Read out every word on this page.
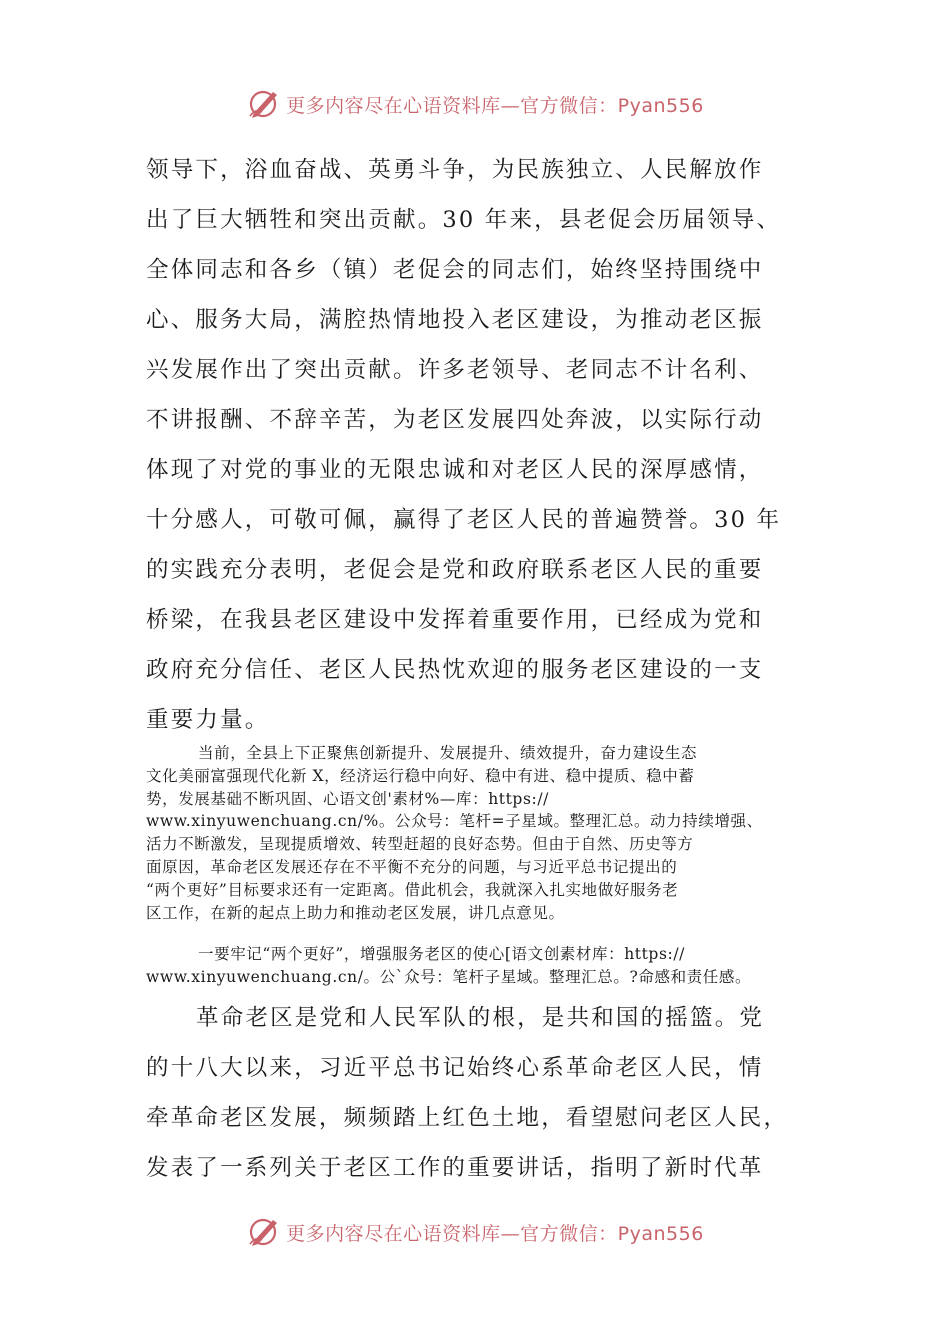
更多内容尽在心语资料库—官方微信：Pyan556
领导下，浴血奋战、英勇斗争，为民族独立、人民解放作
出了巨大牺牲和突出贡献。30 年来，县老促会历届领导、
全体同志和各乡（镇）老促会的同志们，始终坚持围绕中
心、服务大局，满腔热情地投入老区建设，为推动老区振
兴发展作出了突出贡献。许多老领导、老同志不计名利、
不讲报酬、不辞辛苦，为老区发展四处奔波，以实际行动
体现了对党的事业的无限忠诚和对老区人民的深厚感情，
十分感人，可敬可佩，赢得了老区人民的普遍赞誉。30 年
的实践充分表明，老促会是党和政府联系老区人民的重要
桥梁，在我县老区建设中发挥着重要作用，已经成为党和
政府充分信任、老区人民热忱欢迎的服务老区建设的一支
重要力量。
当前，全县上下正聚焦创新提升、发展提升、绩效提升，奋力建设生态
文化美丽富强现代化新 X，经济运行稳中向好、稳中有进、稳中提质、稳中蓄
势，发展基础不断巩固、心语文创'素材%—库：https://
www.xinyuwenchuang.cn/%。公众号：笔杆=子星域。整理汇总。动力持续增强、
活力不断激发，呈现提质增效、转型赶超的良好态势。但由于自然、历史等方
面原因，革命老区发展还存在不平衡不充分的问题，与习近平总书记提出的
“两个更好”目标要求还有一定距离。借此机会，我就深入扎实地做好服务老
区工作，在新的起点上助力和推动老区发展，讲几点意见。
一要牢记“两个更好”，增强服务老区的使心[语文创素材库：https://
www.xinyuwenchuang.cn/。公`众号：笔杆子星域。整理汇总。?命感和责任感。
革命老区是党和人民军队的根，是共和国的摇篮。党
的十八大以来，习近平总书记始终心系革命老区人民，情
牵革命老区发展，频频踏上红色土地，看望慰问老区人民，
发表了一系列关于老区工作的重要讲话，指明了新时代革
更多内容尽在心语资料库—官方微信：Pyan556
